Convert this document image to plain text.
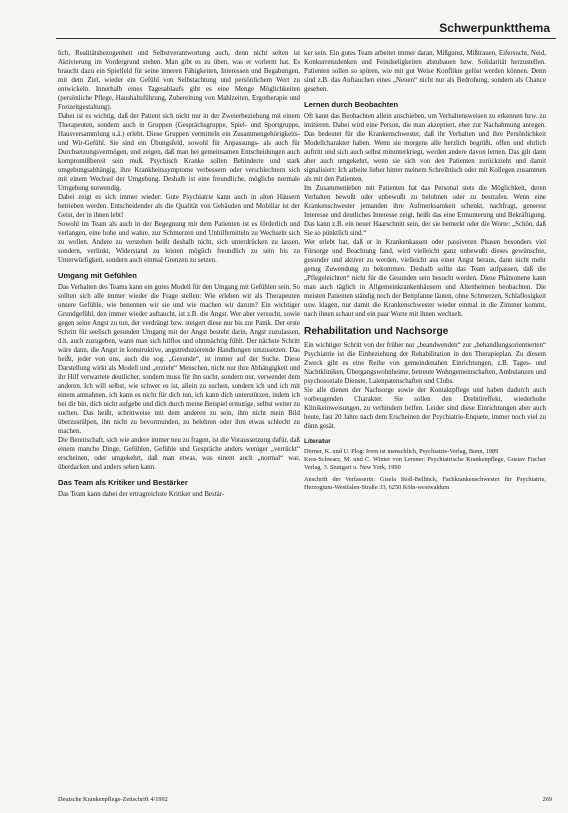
Schwerpunktthema

lich, Realitätsbezogenheit und Selbstverantwortung auch, denn nicht selten ist Aktivierung im Vordergrund stehen. Man gibt es zu üben, was er vorlernt hat. Es braucht dazu ein Spielfeld für seine inneren Fähigkeiten, Interessen und Begabungen, mit dem Ziel, wieder ein Gefühl von Selbstachtung und persönlichem Wert zu entwickeln. Innerhalb eines Tagesablaufs gibt es eine Menge Möglichkeiten (persönliche Pflege, Haushaltsführung, Zubereitung von Mahlzeiten, Ergotherapie und Freizeitgestaltung).
Dabei ist es wichtig, daß der Patient sich nicht nur in der Zweierbeziehung mit einem Therapeuten, sondern auch in Gruppen (Gesprächsgruppe, Spiel- und Sportgruppe, Hausversammlung u.ä.) erlebt. Diese Gruppen vermitteln ein Zusammengehörigkeits- und Wir-Gefühl. Sie sind ein Übungsfeld, sowohl für Anpassungs- als auch für Durchsetzungsvermögen, und zeigen, daß man bei gemeinsamen Entscheidungen auch kompromißbereit sein muß. Psychisch Kranke sollen Behinderte und stark umgebungsabhängig, ihre Krankheitssymptome verbessern oder verschlechtern sich mit einem Wechsel der Umgebung. Deshalb ist eine freundliche, mögliche normale Umgebung notwendig.
Dabei zeigt es sich immer wieder: Gute Psychiatrie kann auch in alten Häusern betrieben werden. Entscheidender als die Qualität von Gebäuden und Mobiliar ist der Geist, der in ihnen lebt!
Sowohl im Team als auch in der Begegnung mit dem Patienten ist es förderlich und verlangen, eine hohe und wahre, zur Schmerzen und Unhilfemitteln zu Wechseln sich zu wollen. Andere zu verstehen heißt deshalb nicht, sich unterdrücken zu lassen, sondern, verlinkt, Widerstand zu leisten möglich freundlich zu sein bis zu Unterwürfigkeit, sondern auch einmal Grenzen zu setzen.

Umgang mit Gefühlen

Das Verhalten des Teams kann ein gutes Modell für den Umgang mit Gefühlen sein. So sollten sich alle immer wieder die Frage stellen: Wie erleben wir als Therapeuten unsere Gefühle, wie benennen wir sie und wie machen wir darum? Ein wichtiger Grundgefühl, den immer wieder auftaucht, ist z.B. die Angst. Wer aber versucht, sowie gegen seine Angst zu tun, der verdrängt bzw. steigert diese nur bis zur Panik. Der erste Schritt für seelisch gesunden Umgang mit der Angst besteht darin, Angst zuzulassen, d.h. auch zuzugeben, wann man sich hilflos und ohnmächtig fühlt. Der nächste Schritt wäre dann, die Angst in konstruktive, angstreduzierende Handlungen umzusetzen. Das heißt, jeder von uns, auch die sog. „Gesunde“, ist immer auf der Suche. Diese Darstellung wirkt als Modell und „erzieht“ Menschen, nicht nur ihre Abhängigkeit und ihr Hilf verwartete deutlicher, sondern muss für ihn sucht, sondern nur, verwendet dem anderen. Ich will selbst, wie schwer es ist, allein zu suchen, sondern ich und ich mit einem anmahnen, ich kann es nicht für dich tun, ich kann dich unterstützen, indem ich bei dir bin, dich nicht aufgebe und dich durch meine Beispiel ermutige, selbst weiter zu suchen. Das heißt, schrittweise mit dem anderen zu sein, ihm nicht mein Bild überzustülpen, ihn nicht zu bevormunden, zu belehren oder ihm etwas schlecht zu machen.
Die Bereitschaft, sich wie andere immer neu zu fragen, ist die Voraussetzung dafür, daß einem manche Dinge, Gefühlen, Gefühle und Gespräche anders weniger „verrückt“ erscheinen, oder umgekehrt, daß man etwas, was einem auch „normal“ war, überdacken und anders sehen kann.

Das Team als Kritiker und Bestärker

Das Team kann dabei der ertragreichste Kritiker und Bestär-

ker sein. Ein gutes Team arbeitet immer daran, Mißgunst, Mißtrauen, Eifersucht, Neid, Konkurrenzdenken und Feindseligkeiten abzubauen bzw. Solidarität herzustellen. Patienten sollen so spüren, wie mit gut Weise Konflikte gelöst werden können. Denn sind z.B. das Auftauchen eines „Neuen“ nicht nur als Bedrohung, sondern als Chance gesehen.

Lernen durch Beobachten

Oft kann das Beobachten allein anschieben, um Verhaltensweisen zu erkennen bzw. zu imitieren. Dabei wird eine Person, die man akzeptiert, eher zur Nachahmung anregen. Das bedeutet für die Krankenschwester, daß ihr Verhalten und ihre Persönlichkeit Modellcharakter haben. Wenn sie morgens alle herzlich begrüßt, offen und ehrlich auftritt und sich auch selbst mitunterkriegt, werden andere davon lernen. Das gilt dann aber auch umgekehrt, wenn sie sich von den Patienten zurückzieht und damit signalisiert: Ich arbeite lieber hinter meinem Schreibtisch oder mit Kollegen zusammen als mit den Patienten.
Im Zusammenleben mit Patienten hat das Personal stets die Möglichkeit, deren Verhalten bewußt oder unbewußt zu belohnen oder zu bestrafen. Wenn eine Krankenschwester jemanden ihre Aufmerksamkeit schenkt, nachfragt, generest Interesse und deutliches Interesse zeigt, heißt das eine Ermunterung und Bekräftigung. Das kann z.B. ein neuer Haarschnitt sein, der sie bemerkt oder die Worte: „Schön, daß Sie so pünktlich sind.“
Wer erlebt hat, daß er in Krankenkassen oder passiveren Phasen besonders viel Fürsorge und Beachtung fand, wird vielleicht ganz unbewußt dieses gewünschte, gesunder und aktiver zu werden, vielleicht aus einer Angst heraus, dann nicht mehr genug Zuwendung zu bekommen. Deshalb sollte das Team aufpassen, daß die „Pflegeleichten“ nicht für die Gesunden sein besucht werden. Diese Phänomene kann man auch täglich in Allgemeinkrankenhäusern und Altenheimen beobachten. Die meisten Patienten ständig noch der Bettpfanne läuten, ohne Schmerzen, Schlaflosigkeit usw. klagen, nur damit die Krankenschwester wieder einmal in die Zimmer kommt, nach ihnen schaut und ein paar Worte mit ihnen wechselt.

Rehabilitation und Nachsorge

Ein wichtiger Schritt von der früher nur „beandwenden“ zur „behandlungsorientierten“ Psychiatrie ist die Einbeziehung der Rehabilitation in den Therapieplan. Zu diesem Zweck gibt es eine Reihe von gemeindenahen Einrichtungen, z.B. Tages- und Nachtkliniken, Übergangswohnheime, betreute Wohngemeinschaften, Ambulanzen und psychosoziale Dienste, Laienpatenschaften und Clubs.
Sie alle dienen der Nachsorge sowie der Kontaktpflege und haben dadurch auch vorbeugenden Charakter. Sie sollen den Drehtüreffekt, wiederholte Klinikeinweisungen, zu verhindern helfen. Leider sind diese Einrichtungen aber auch heute, fast 20 Jahre nach dem Erscheinen der Psychiatrie-Enquete, immer noch viel zu dünn gesät.

Literatur

Dörner, K. und U. Plog: Irren ist menschlich, Psychiatrie-Verlag, Bonn, 1989
Kros-Schwarz, M. und C. Winter von Lersner: Psychiatrische Krankenpflege, Gustav Fischer Verlag, 3. Stuttgart u. New York, 1990

Anschrift der Verfasserin: Gisela Stoll-Bellinck, Fachkrankenschwester für Psychiatrie, Herzogtum-Westfalen-Straße 33, 6250 Köln-westwaldum

Deutsche Krankenpflege-Zeitschrift 4/1992	269
